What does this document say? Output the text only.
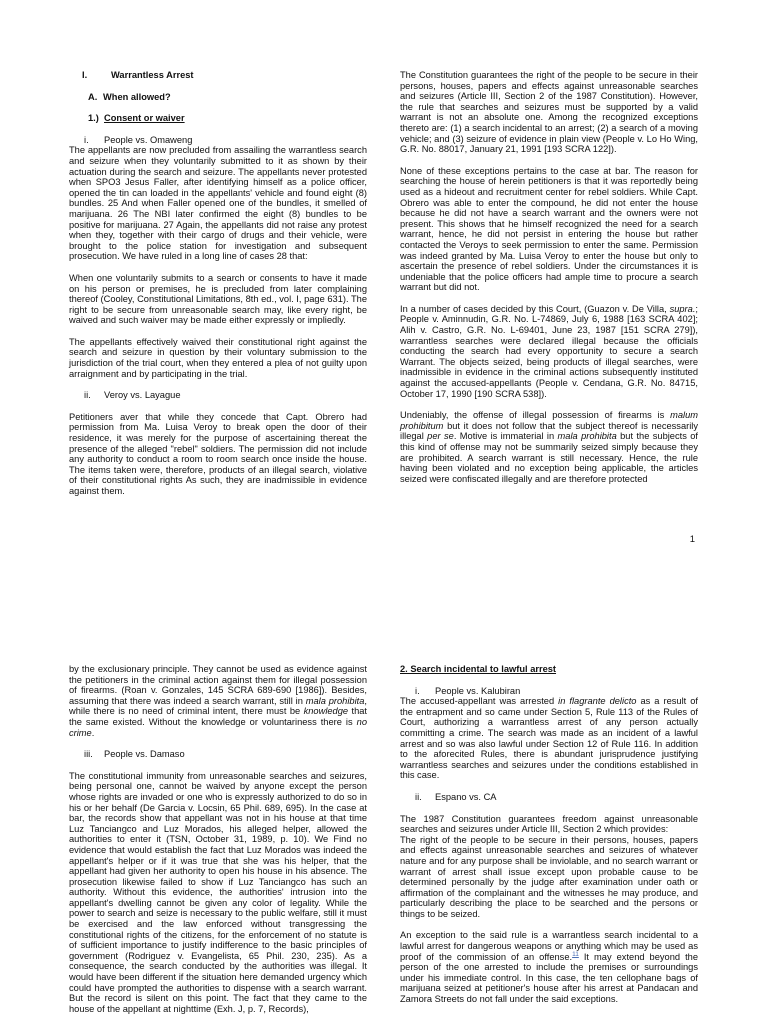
I.	Warrantless Arrest
A. When allowed?
1.) Consent or waiver
i. People vs. Omaweng

The appellants are now precluded from assailing the warrantless search and seizure when they voluntarily submitted to it as shown by their actuation during the search and seizure. The appellants never protested when SPO3 Jesus Faller, after identifying himself as a police officer, opened the tin can loaded in the appellants' vehicle and found eight (8) bundles. 25 And when Faller opened one of the bundles, it smelled of marijuana. 26 The NBI later confirmed the eight (8) bundles to be positive for marijuana. 27 Again, the appellants did not raise any protest when they, together with their cargo of drugs and their vehicle, were brought to the police station for investigation and subsequent prosecution. We have ruled in a long line of cases 28 that:

When one voluntarily submits to a search or consents to have it made on his person or premises, he is precluded from later complaining thereof (Cooley, Constitutional Limitations, 8th ed., vol. I, page 631). The right to be secure from unreasonable search may, like every right, be waived and such waiver may be made either expressly or impliedly.

The appellants effectively waived their constitutional right against the search and seizure in question by their voluntary submission to the jurisdiction of the trial court, when they entered a plea of not guilty upon arraignment and by participating in the trial.

ii. Veroy vs. Layague

Petitioners aver that while they concede that Capt. Obrero had permission from Ma. Luisa Veroy to break open the door of their residence, it was merely for the purpose of ascertaining thereat the presence of the alleged "rebel" soldiers. The permission did not include any authority to conduct a room to room search once inside the house. The items taken were, therefore, products of an illegal search, violative of their constitutional rights As such, they are inadmissible in evidence against them.

The Constitution guarantees the right of the people to be secure in their persons, houses, papers and effects against unreasonable searches and seizures (Article III, Section 2 of the 1987 Constitution). However, the rule that searches and seizures must be supported by a valid warrant is not an absolute one. Among the recognized exceptions thereto are: (1) a search incidental to an arrest; (2) a search of a moving vehicle; and (3) seizure of evidence in plain view (People v. Lo Ho Wing, G.R. No. 88017, January 21, 1991 [193 SCRA 122]).

None of these exceptions pertains to the case at bar. The reason for searching the house of herein petitioners is that it was reportedly being used as a hideout and recruitment center for rebel soldiers. While Capt. Obrero was able to enter the compound, he did not enter the house because he did not have a search warrant and the owners were not present. This shows that he himself recognized the need for a search warrant, hence, he did not persist in entering the house but rather contacted the Veroys to seek permission to enter the same. Permission was indeed granted by Ma. Luisa Veroy to enter the house but only to ascertain the presence of rebel soldiers. Under the circumstances it is undeniable that the police officers had ample time to procure a search warrant but did not.

In a number of cases decided by this Court, (Guazon v. De Villa, supra.; People v. Aminnudin, G.R. No. L-74869, July 6, 1988 [163 SCRA 402]; Alih v. Castro, G.R. No. L-69401, June 23, 1987 [151 SCRA 279]), warrantless searches were declared illegal because the officials conducting the search had every opportunity to secure a search Warrant. The objects seized, being products of illegal searches, were inadmissible in evidence in the criminal actions subsequently instituted against the accused-appellants (People v. Cendana, G.R. No. 84715, October 17, 1990 [190 SCRA 538]).

Undeniably, the offense of illegal possession of firearms is malum prohibitum but it does not follow that the subject thereof is necessarily illegal per se. Motive is immaterial in mala prohibita but the subjects of this kind of offense may not be summarily seized simply because they are prohibited. A search warrant is still necessary. Hence, the rule having been violated and no exception being applicable, the articles seized were confiscated illegally and are therefore protected

1

by the exclusionary principle. They cannot be used as evidence against the petitioners in the criminal action against them for illegal possession of firearms. (Roan v. Gonzales, 145 SCRA 689-690 [1986]). Besides, assuming that there was indeed a search warrant, still in mala prohibita, while there is no need of criminal intent, there must be knowledge that the same existed. Without the knowledge or voluntariness there is no crime.

iii. People vs. Damaso

The constitutional immunity from unreasonable searches and seizures, being personal one, cannot be waived by anyone except the person whose rights are invaded or one who is expressly authorized to do so in his or her behalf (De Garcia v. Locsin, 65 Phil. 689, 695). In the case at bar, the records show that appellant was not in his house at that time Luz Tanciangco and Luz Morados, his alleged helper, allowed the authorities to enter it (TSN, October 31, 1989, p. 10). We Find no evidence that would establish the fact that Luz Morados was indeed the appellant's helper or if it was true that she was his helper, that the appellant had given her authority to open his house in his absence. The prosecution likewise failed to show if Luz Tanciangco has such an authority. Without this evidence, the authorities' intrusion into the appellant's dwelling cannot be given any color of legality. While the power to search and seize is necessary to the public welfare, still it must be exercised and the law enforced without transgressing the constitutional rights of the citizens, for the enforcement of no statute is of sufficient importance to justify indifference to the basic principles of government (Rodriguez v. Evangelista, 65 Phil. 230, 235). As a consequence, the search conducted by the authorities was illegal. It would have been different if the situation here demanded urgency which could have prompted the authorities to dispense with a search warrant. But the record is silent on this point. The fact that they came to the house of the appellant at nighttime (Exh. J, p. 7, Records),

2. Search incidental to lawful arrest
i. People vs. Kalubiran

The accused-appellant was arrested in flagrante delicto as a result of the entrapment and so came under Section 5, Rule 113 of the Rules of Court, authorizing a warrantless arrest of any person actually committing a crime. The search was made as an incident of a lawful arrest and so was also lawful under Section 12 of Rule 116. In addition to the aforecited Rules, there is abundant jurisprudence justifying warrantless searches and seizures under the conditions established in this case.

ii. Espano vs. CA

The 1987 Constitution guarantees freedom against unreasonable searches and seizures under Article III, Section 2 which provides:

The right of the people to be secure in their persons, houses, papers and effects against unreasonable searches and seizures of whatever nature and for any purpose shall be inviolable, and no search warrant or warrant of arrest shall issue except upon probable cause to be determined personally by the judge after examination under oath or affirmation of the complainant and the witnesses he may produce, and particularly describing the place to be searched and the persons or things to be seized.

An exception to the said rule is a warrantless search incidental to a lawful arrest for dangerous weapons or anything which may be used as proof of the commission of an offense.$^{11}$ It may extend beyond the person of the one arrested to include the premises or surroundings under his immediate control. In this case, the ten cellophane bags of marijuana seized at petitioner's house after his arrest at Pandacan and Zamora Streets do not fall under the said exceptions.
